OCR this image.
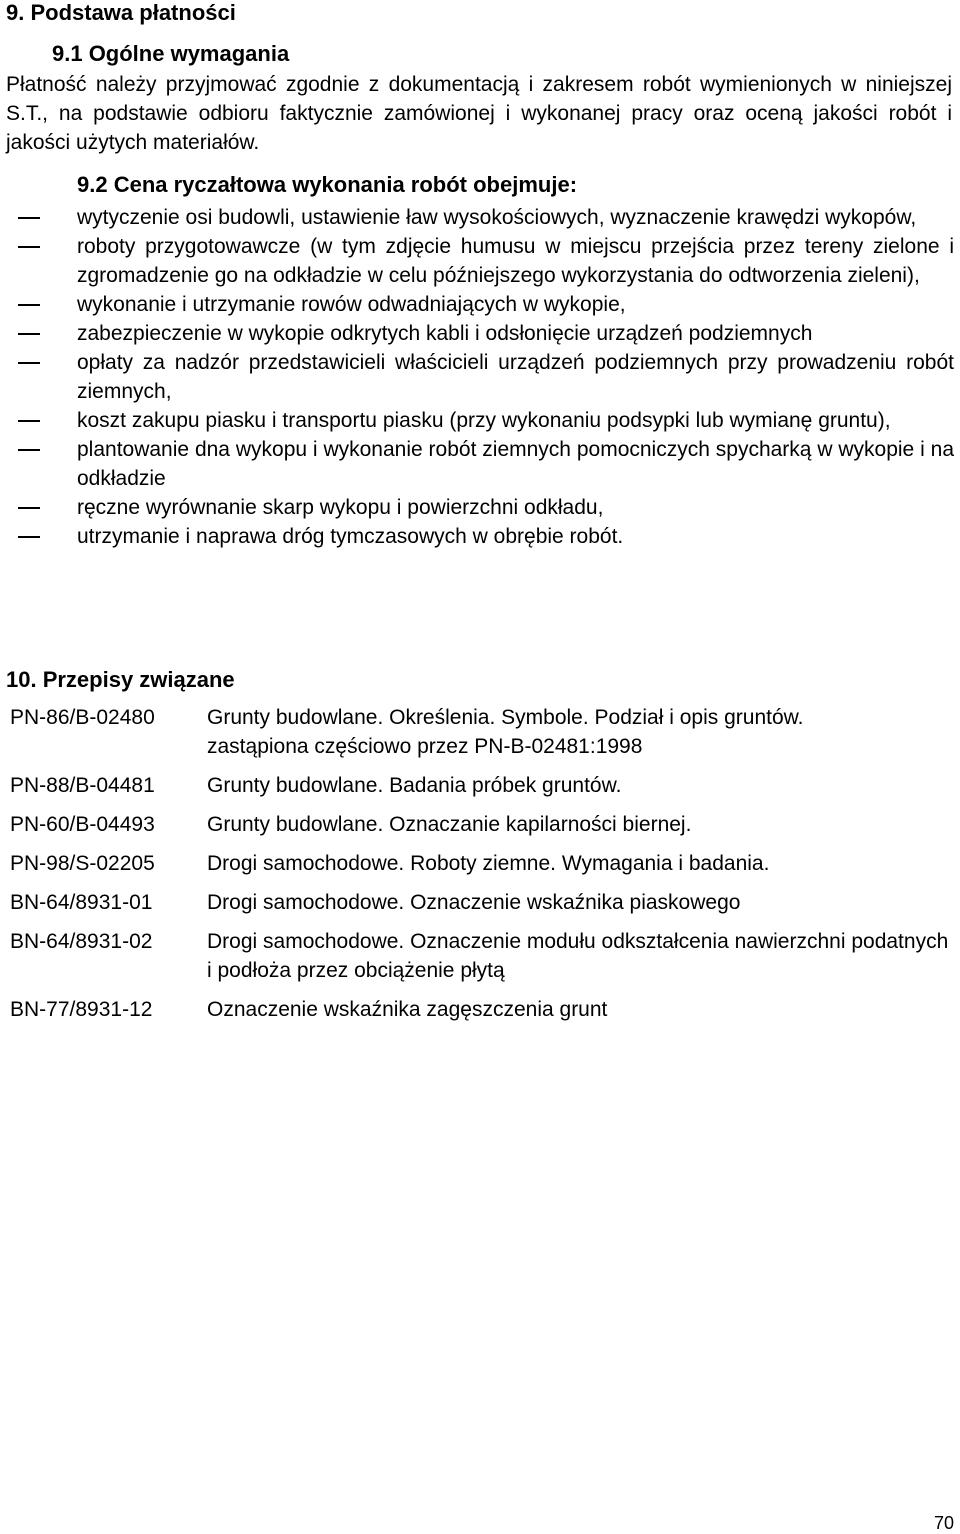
9. Podstawa płatności
9.1 Ogólne wymagania
Płatność należy przyjmować zgodnie z dokumentacją i zakresem robót wymienionych w niniejszej S.T., na podstawie odbioru faktycznie zamówionej i wykonanej pracy oraz oceną jakości robót i jakości użytych materiałów.
9.2 Cena ryczałtowa wykonania robót obejmuje:
wytyczenie osi budowli, ustawienie ław wysokościowych, wyznaczenie krawędzi wykopów,
roboty przygotowawcze (w tym zdjęcie humusu w miejscu przejścia przez tereny zielone i zgromadzenie go na odkładzie w celu późniejszego wykorzystania do odtworzenia zieleni),
wykonanie i utrzymanie rowów odwadniających w wykopie,
zabezpieczenie w wykopie odkrytych kabli i odsłonięcie urządzeń podziemnych
opłaty za nadzór przedstawicieli właścicieli urządzeń podziemnych przy prowadzeniu robót ziemnych,
koszt zakupu piasku i transportu piasku (przy wykonaniu podsypki lub wymianę gruntu),
plantowanie dna wykopu i wykonanie robót ziemnych pomocniczych spycharką w wykopie i na odkładzie
ręczne wyrównanie skarp wykopu i powierzchni odkładu,
utrzymanie i naprawa dróg tymczasowych w obrębie robót.
10. Przepisy związane
PN-86/B-02480	Grunty budowlane. Określenia. Symbole. Podział i opis gruntów.
zastąpiona częściowo przez PN-B-02481:1998
PN-88/B-04481	Grunty budowlane. Badania próbek gruntów.
PN-60/B-04493	Grunty budowlane. Oznaczanie kapilarności biernej.
PN-98/S-02205	Drogi samochodowe. Roboty ziemne. Wymagania i badania.
BN-64/8931-01	Drogi samochodowe. Oznaczenie wskaźnika piaskowego
BN-64/8931-02	Drogi samochodowe. Oznaczenie modułu odkształcenia nawierzchni podatnych i podłoża przez obciążenie płytą
BN-77/8931-12	Oznaczenie wskaźnika zagęszczenia grunt
70
